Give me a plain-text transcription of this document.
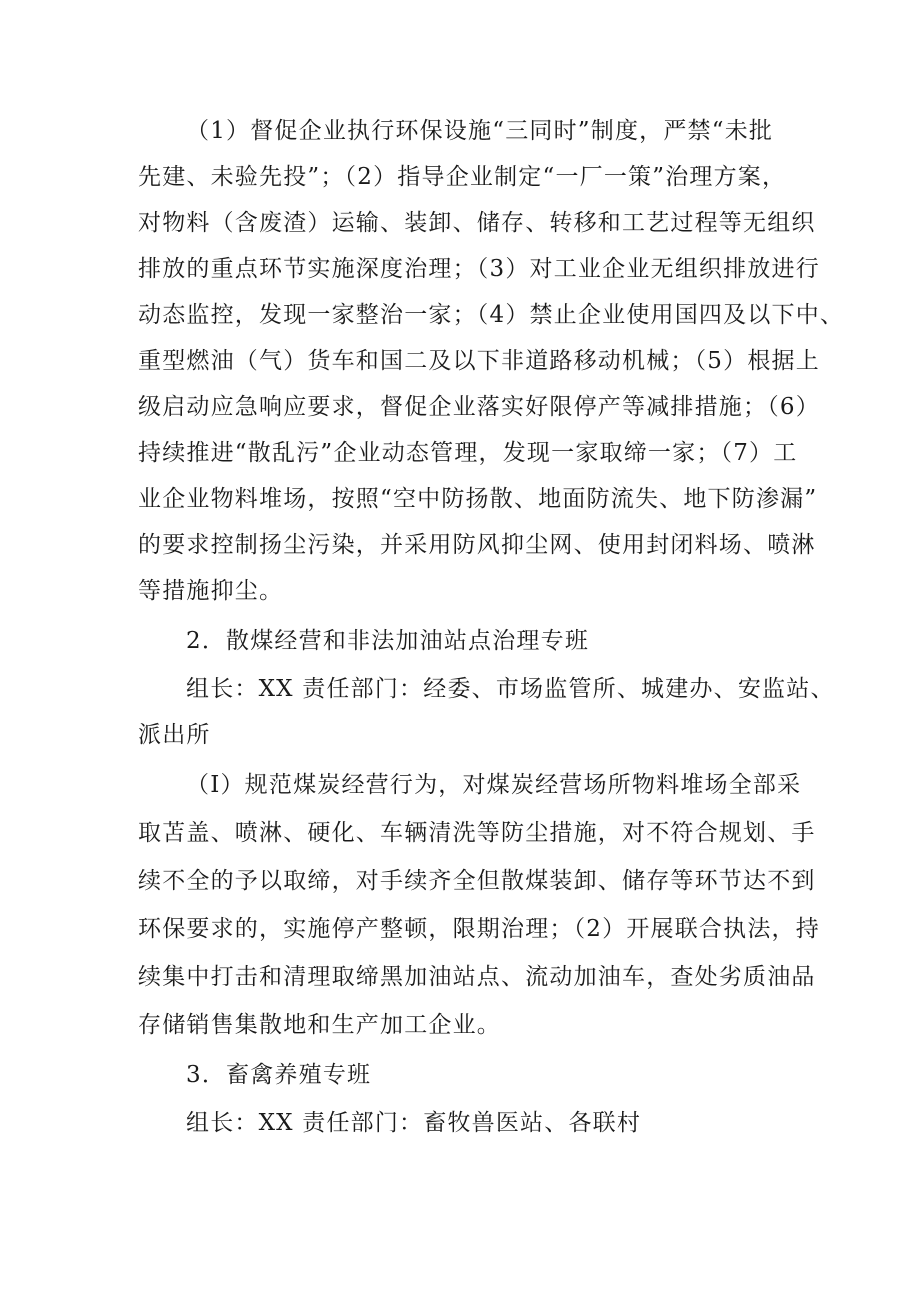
（1）督促企业执行环保设施“三同时”制度，严禁“未批
先建、未验先投”；（2）指导企业制定“一厂一策”治理方案，
对物料（含废渣）运输、装卸、储存、转移和工艺过程等无组织
排放的重点环节实施深度治理；（3）对工业企业无组织排放进行
动态监控，发现一家整治一家；（4）禁止企业使用国四及以下中、
重型燃油（气）货车和国二及以下非道路移动机械；（5）根据上
级启动应急响应要求，督促企业落实好限停产等减排措施；（6）
持续推进“散乱污”企业动态管理，发现一家取缔一家；（7）工
业企业物料堆场，按照“空中防扬散、地面防流失、地下防渗漏”
的要求控制扬尘污染，并采用防风抑尘网、使用封闭料场、喷淋
等措施抑尘。
2．散煤经营和非法加油站点治理专班
组长：XX 责任部门：经委、市场监管所、城建办、安监站、
派出所
（I）规范煤炭经营行为，对煤炭经营场所物料堆场全部采
取苫盖、喷淋、硬化、车辆清洗等防尘措施，对不符合规划、手
续不全的予以取缔，对手续齐全但散煤装卸、储存等环节达不到
环保要求的，实施停产整顿，限期治理；（2）开展联合执法，持
续集中打击和清理取缔黑加油站点、流动加油车，查处劣质油品
存储销售集散地和生产加工企业。
3．畜禽养殖专班
组长：XX 责任部门：畜牧兽医站、各联村
